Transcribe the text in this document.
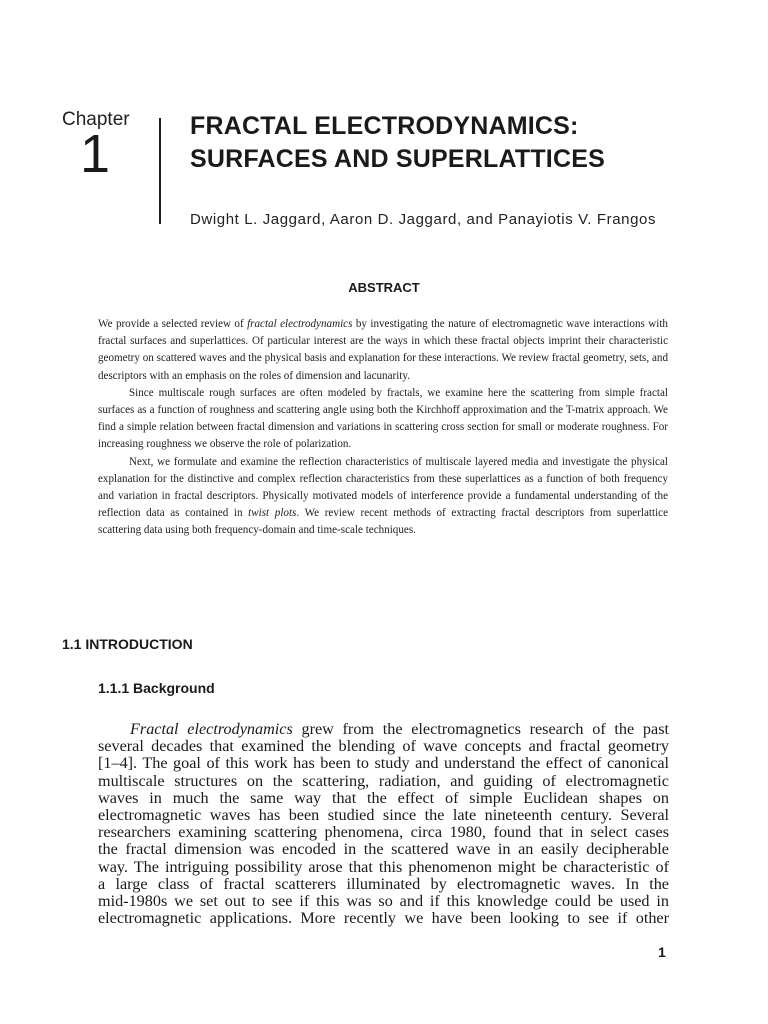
Chapter
1	FRACTAL ELECTRODYNAMICS:
SURFACES AND SUPERLATTICES
Dwight L. Jaggard, Aaron D. Jaggard, and Panayiotis V. Frangos
ABSTRACT

We provide a selected review of fractal electrodynamics by investigating the nature of electromagnetic wave interactions with fractal surfaces and superlattices. Of particular interest are the ways in which these fractal objects imprint their characteristic geometry on scattered waves and the physical basis and explanation for these interactions. We review fractal geometry, sets, and descriptors with an emphasis on the roles of dimension and lacunarity.

Since multiscale rough surfaces are often modeled by fractals, we examine here the scattering from simple fractal surfaces as a function of roughness and scattering angle using both the Kirchhoff approximation and the T-matrix approach. We find a simple relation between fractal dimension and variations in scattering cross section for small or moderate roughness. For increasing roughness we observe the role of polarization.

Next, we formulate and examine the reflection characteristics of multiscale layered media and investigate the physical explanation for the distinctive and complex reflection characteristics from these superlattices as a function of both frequency and variation in fractal descriptors. Physically motivated models of interference provide a fundamental understanding of the reflection data as contained in twist plots. We review recent methods of extracting fractal descriptors from superlattice scattering data using both frequency-domain and time-scale techniques.

1.1 INTRODUCTION
1.1.1 Background
Fractal electrodynamics grew from the electromagnetics research of the past
several decades that examined the blending of wave concepts and fractal geometry
[1–4]. The goal of this work has been to study and understand the effect of canonical
multiscale structures on the scattering, radiation, and guiding of electromagnetic
waves in much the same way that the effect of simple Euclidean shapes on
electromagnetic waves has been studied since the late nineteenth century. Several
researchers examining scattering phenomena, circa 1980, found that in select cases
the fractal dimension was encoded in the scattered wave in an easily decipherable
way. The intriguing possibility arose that this phenomenon might be characteristic of
a large class of fractal scatterers illuminated by electromagnetic waves. In the
mid-1980s we set out to see if this was so and if this knowledge could be used in
electromagnetic applications. More recently we have been looking to see if other
1
